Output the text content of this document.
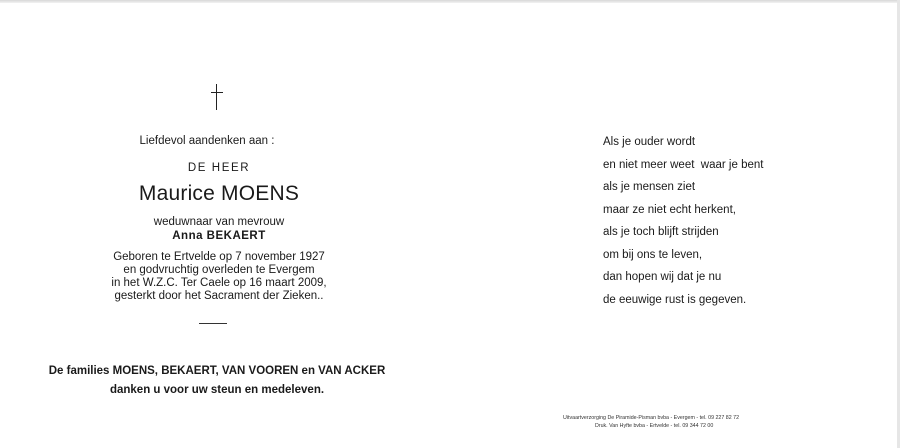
Liefdevol aandenken aan :
DE HEER
Maurice MOENS
weduwnaar van mevrouw
Anna BEKAERT
Geboren te Ertvelde op 7 november 1927
en godvruchtig overleden te Evergem
in het W.Z.C. Ter Caele op 16 maart 2009,
gesterkt door het Sacrament der Zieken..
De families MOENS, BEKAERT, VAN VOOREN en VAN ACKER
danken u voor uw steun en medeleven.
Als je ouder wordt
en niet meer weet  waar je bent
als je mensen ziet
maar ze niet echt herkent,
als je toch blijft strijden
om bij ons te leven,
dan hopen wij dat je nu
de eeuwige rust is gegeven.
Uitvaartverzorging De Piramide-Pisman bvba - Evergem - tel. 09 227 82 72
Druk. Van Hyfte bvba - Ertvelde - tel. 09 344 72 00
